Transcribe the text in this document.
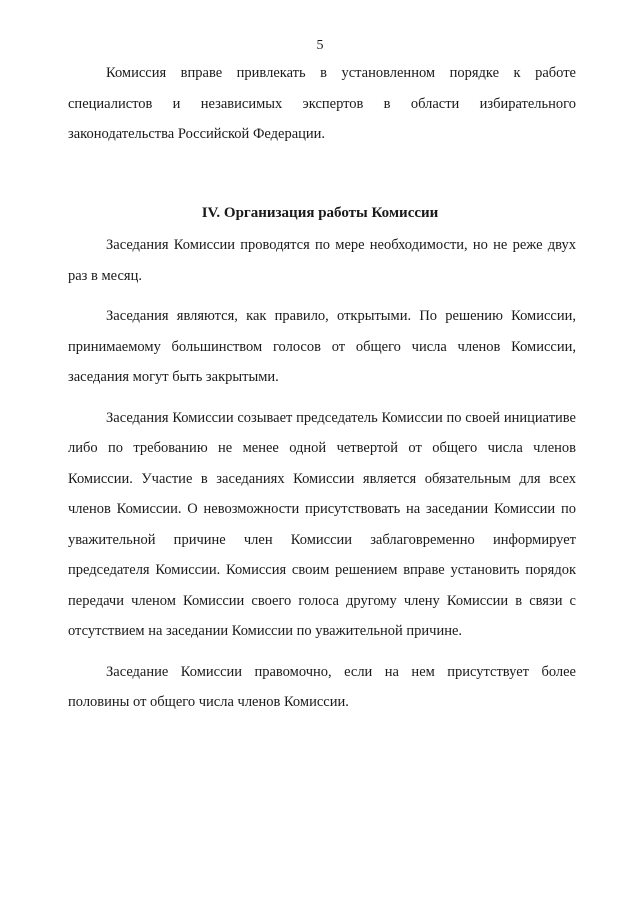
5

Комиссия вправе привлекать в установленном порядке к работе специалистов и независимых экспертов в области избирательного законодательства Российской Федерации.

IV. Организация работы Комиссии

Заседания Комиссии проводятся по мере необходимости, но не реже двух раз в месяц.

Заседания являются, как правило, открытыми. По решению Комиссии, принимаемому большинством голосов от общего числа членов Комиссии, заседания могут быть закрытыми.

Заседания Комиссии созывает председатель Комиссии по своей инициативе либо по требованию не менее одной четвертой от общего числа членов Комиссии. Участие в заседаниях Комиссии является обязательным для всех членов Комиссии. О невозможности присутствовать на заседании Комиссии по уважительной причине член Комиссии заблаговременно информирует председателя Комиссии. Комиссия своим решением вправе установить порядок передачи членом Комиссии своего голоса другому члену Комиссии в связи с отсутствием на заседании Комиссии по уважительной причине.

Заседание Комиссии правомочно, если на нем присутствует более половины от общего числа членов Комиссии.
